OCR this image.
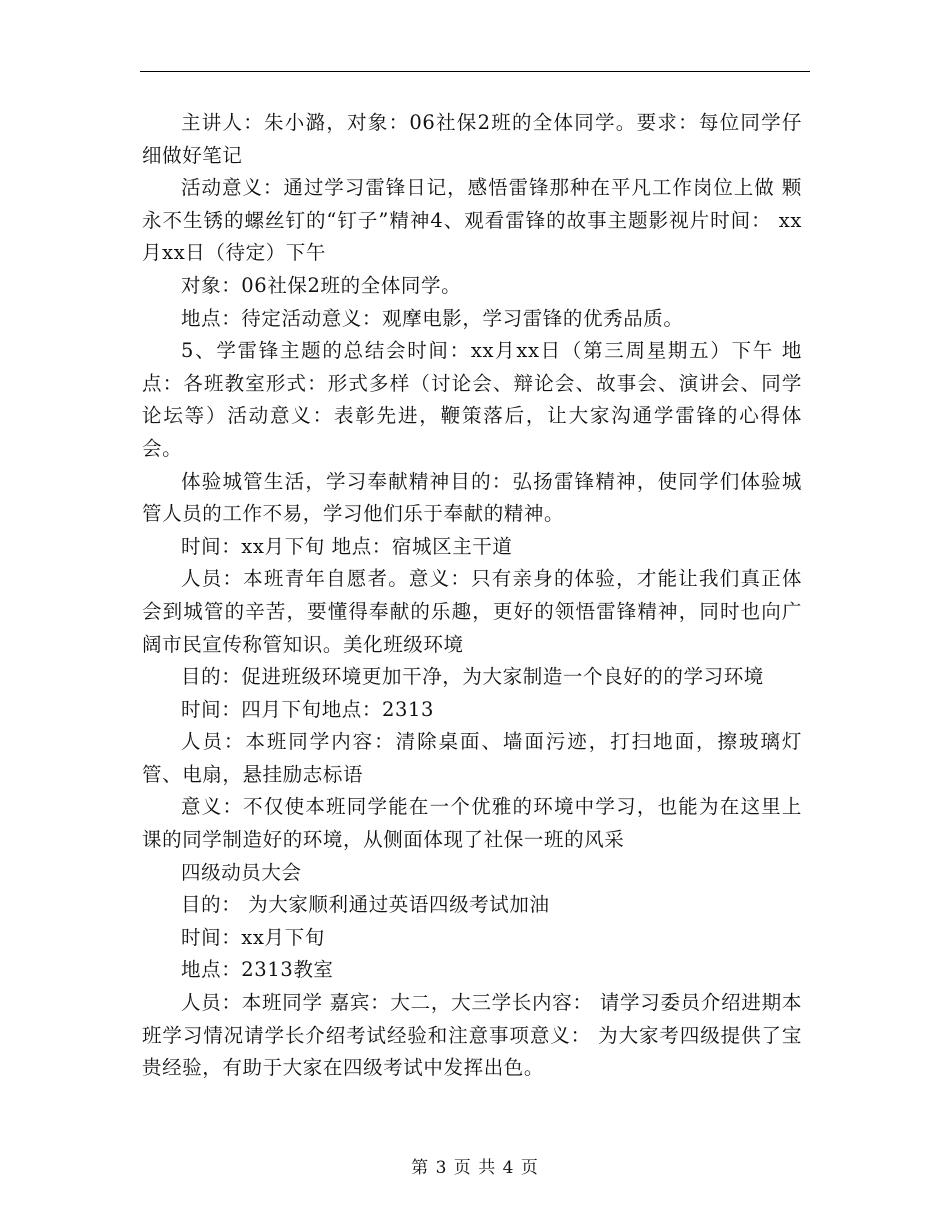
主讲人：朱小潞，对象：06社保2班的全体同学。要求：每位同学仔细做好笔记

活动意义：通过学习雷锋日记，感悟雷锋那种在平凡工作岗位上做 颗永不生锈的螺丝钉的“钉子”精神4、观看雷锋的故事主题影视片时间： xx月xx日（待定）下午

对象：06社保2班的全体同学。

地点：待定活动意义：观摩电影，学习雷锋的优秀品质。

5、学雷锋主题的总结会时间：xx月xx日（第三周星期五）下午 地点：各班教室形式：形式多样（讨论会、辩论会、故事会、演讲会、同学论坛等）活动意义：表彰先进，鞭策落后，让大家沟通学雷锋的心得体会。

体验城管生活，学习奉献精神目的：弘扬雷锋精神，使同学们体验城管人员的工作不易，学习他们乐于奉献的精神。

时间：xx月下旬 地点：宿城区主干道

人员：本班青年自愿者。意义：只有亲身的体验，才能让我们真正体会到城管的辛苦，要懂得奉献的乐趣，更好的领悟雷锋精神，同时也向广阔市民宣传称管知识。美化班级环境

目的：促进班级环境更加干净，为大家制造一个良好的的学习环境

时间：四月下旬地点：2313

人员：本班同学内容：清除桌面、墙面污迹，打扫地面，擦玻璃灯管、电扇，悬挂励志标语

意义：不仅使本班同学能在一个优雅的环境中学习，也能为在这里上课的同学制造好的环境，从侧面体现了社保一班的风采

四级动员大会

目的： 为大家顺利通过英语四级考试加油

时间：xx月下旬

地点：2313教室

人员：本班同学 嘉宾：大二，大三学长内容： 请学习委员介绍进期本班学习情况请学长介绍考试经验和注意事项意义： 为大家考四级提供了宝贵经验，有助于大家在四级考试中发挥出色。

第 3 页 共 4 页
